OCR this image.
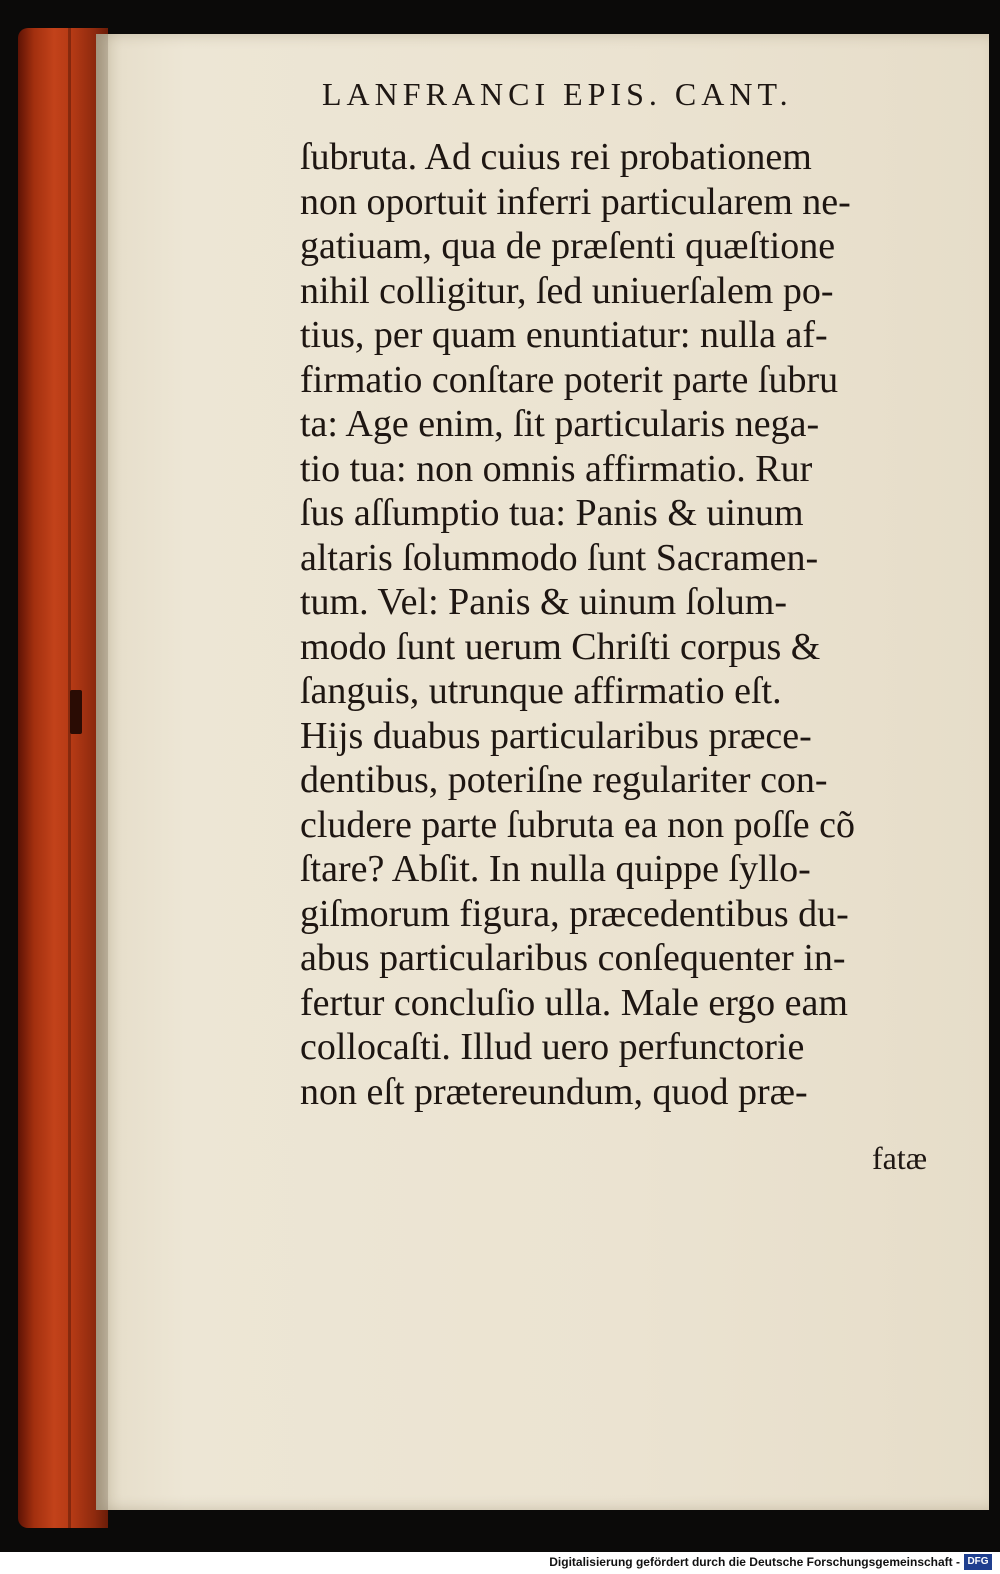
LANFRANCI EPIS. CANT.
ſubruta. Ad cuius rei probationem
non oportuit inferri particularem ne-
gatiuam, qua de præſenti quæſtione
nihil colligitur, ſed uniuerſalem po-
tius, per quam enuntiatur: nulla af-
firmatio conſtare poterit parte ſubru
ta: Age enim, ſit particularis nega-
tio tua: non omnis affirmatio. Rur
ſus aſſumptio tua: Panis & uinum
altaris ſolummodo ſunt Sacramen-
tum. Vel: Panis & uinum ſolum-
modo ſunt uerum Chriſti corpus &
ſanguis, utrunque affirmatio eſt.
Hijs duabus particularibus præce-
dentibus, poteriſne regulariter con-
cludere parte ſubruta ea non poſſe cõ
ſtare? Abſit. In nulla quippe ſyllo-
giſmorum figura, præcedentibus du-
abus particularibus conſequenter in-
fertur concluſio ulla. Male ergo eam
collocaſti. Illud uero perfunctorie
non eſt prætereundum, quod præ-
fatæ
Digitalisierung gefördert durch die Deutsche Forschungsgemeinschaft - DFG
